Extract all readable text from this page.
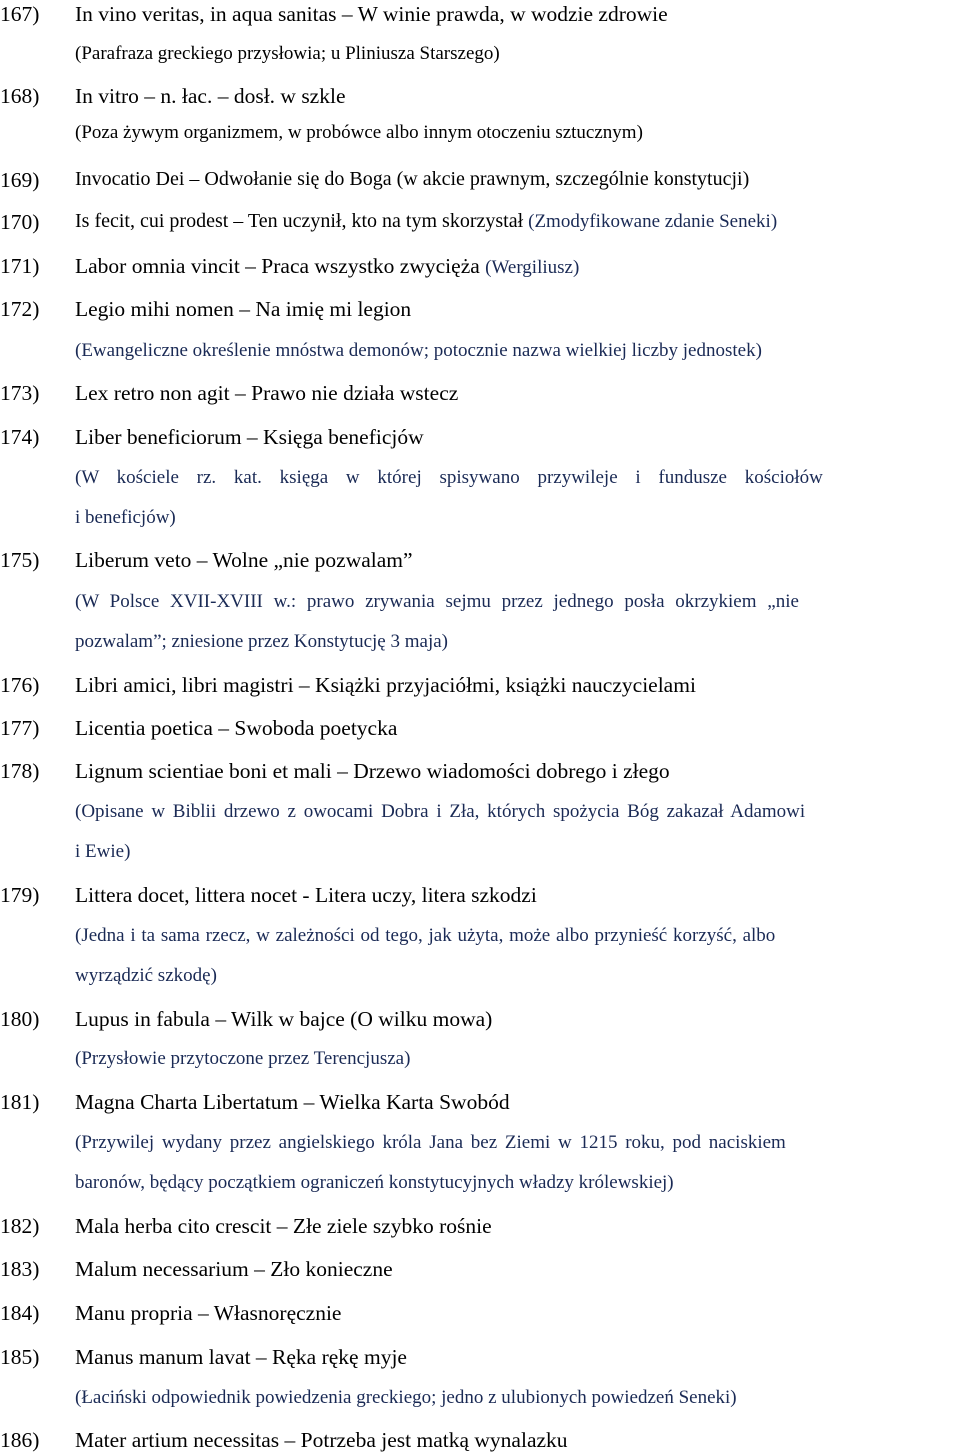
167) In vino veritas, in aqua sanitas – W winie prawda, w wodzie zdrowie
(Parafraza greckiego przysłowia; u Pliniusza Starszego)
168) In vitro – n. łac. – dosł. w szkle
(Poza żywym organizmem, w probówce albo innym otoczeniu sztucznym)
169) Invocatio Dei – Odwołanie się do Boga (w akcie prawnym, szczególnie konstytucji)
170) Is fecit, cui prodest – Ten uczynił, kto na tym skorzystał (Zmodyfikowane zdanie Seneki)
171) Labor omnia vincit – Praca wszystko zwycięża (Wergiliusz)
172) Legio mihi nomen – Na imię mi legion
(Ewangeliczne określenie mnóstwa demonów; potocznie nazwa wielkiej liczby jednostek)
173) Lex retro non agit – Prawo nie działa wstecz
174) Liber beneficiorum – Księga beneficjów
(W kościele rz. kat. księga w której spisywano przywileje i fundusze kościołów
i beneficjów)
175) Liberum veto – Wolne „nie pozwalam”
(W Polsce XVII-XVIII w.: prawo zrywania sejmu przez jednego posła okrzykiem „nie
pozwalam”; zniesione przez Konstytucję 3 maja)
176) Libri amici, libri magistri – Książki przyjaciółmi, książki nauczycielami
177) Licentia poetica – Swoboda poetycka
178) Lignum scientiae boni et mali – Drzewo wiadomości dobrego i złego
(Opisane w Biblii drzewo z owocami Dobra i Zła, których spożycia Bóg zakazał Adamowi
i Ewie)
179) Littera docet, littera nocet - Litera uczy, litera szkodzi
(Jedna i ta sama rzecz, w zależności od tego, jak użyta, może albo przynieść korzyść, albo
wyrządzić szkodę)
180) Lupus in fabula – Wilk w bajce (O wilku mowa)
(Przysłowie przytoczone przez Terencjusza)
181) Magna Charta Libertatum – Wielka Karta Swobód
(Przywilej wydany przez angielskiego króla Jana bez Ziemi w 1215 roku, pod naciskiem
baronów, będący początkiem ograniczeń konstytucyjnych władzy królewskiej)
182) Mala herba cito crescit – Złe ziele szybko rośnie
183) Malum necessarium – Zło konieczne
184) Manu propria – Własnoręcznie
185) Manus manum lavat – Ręka rękę myje
(Łaciński odpowiednik powiedzenia greckiego; jedno z ulubionych powiedzeń Seneki)
186) Mater artium necessitas – Potrzeba jest matką wynalazku
